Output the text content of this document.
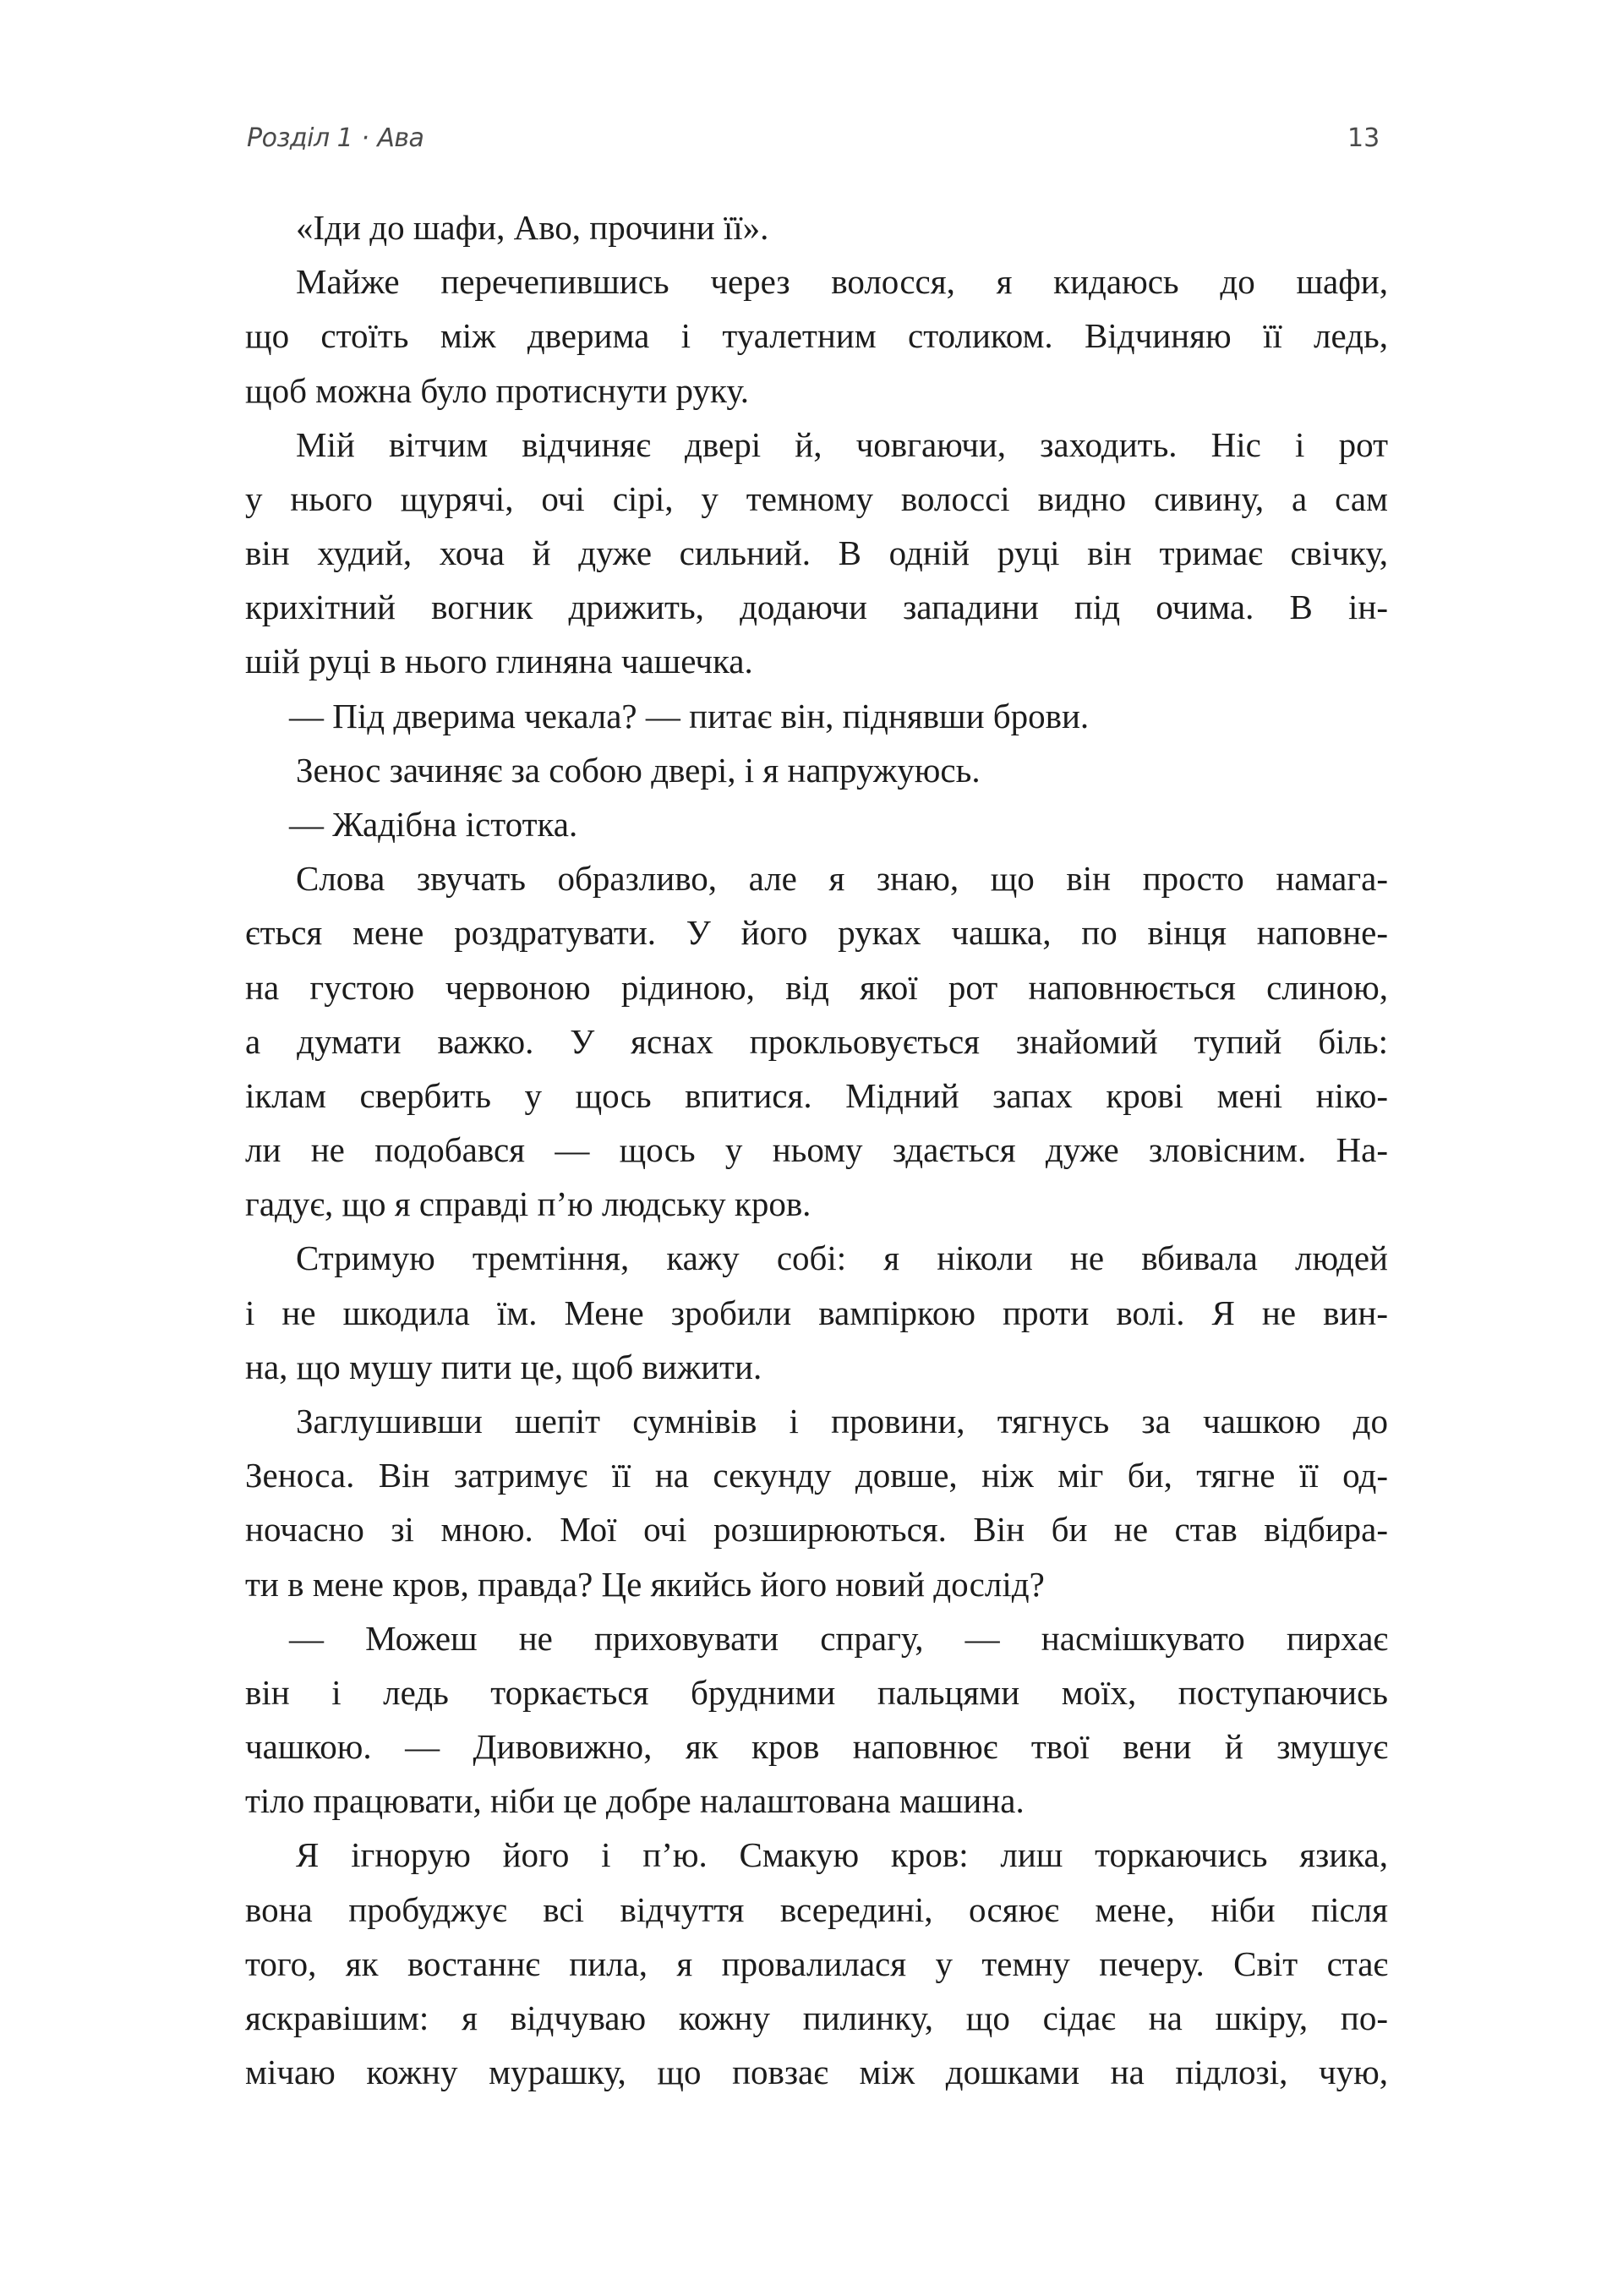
Розділ 1 · Ава	13
«Іди до шафи, Аво, прочини її».
Майже перечепившись через волосся, я кидаюсь до шафи,
що стоїть між дверима і туалетним столиком. Відчиняю її ледь,
щоб можна було протиснути руку.
Мій вітчим відчиняє двері й, човгаючи, заходить. Ніс і рот
у нього щурячі, очі сірі, у темному волоссі видно сивину, а сам
він худий, хоча й дуже сильний. В одній руці він тримає свічку,
крихітний вогник дрижить, додаючи западини під очима. В ін-
шій руці в нього глиняна чашечка.
— Під дверима чекала? — питає він, піднявши брови.
Зенос зачиняє за собою двері, і я напружуюсь.
— Жадібна істотка.
Слова звучать образливо, але я знаю, що він просто намага-
ється мене роздратувати. У його руках чашка, по вінця наповне-
на густою червоною рідиною, від якої рот наповнюється слиною,
а думати важко. У яснах прокльовується знайомий тупий біль:
іклам свербить у щось впитися. Мідний запах крові мені ніко-
ли не подобався — щось у ньому здається дуже зловісним. На-
гадує, що я справді п’ю людську кров.
Стримую тремтіння, кажу собі: я ніколи не вбивала людей
і не шкодила їм. Мене зробили вампіркою проти волі. Я не вин-
на, що мушу пити це, щоб вижити.
Заглушивши шепіт сумнівів і провини, тягнусь за чашкою до
Зеноса. Він затримує її на секунду довше, ніж міг би, тягне її од-
ночасно зі мною. Мої очі розширюються. Він би не став відбира-
ти в мене кров, правда? Це якийсь його новий дослід?
— Можеш не приховувати спрагу, — насмішкувато пирхає
він і ледь торкається брудними пальцями моїх, поступаючись
чашкою. — Дивовижно, як кров наповнює твої вени й змушує
тіло працювати, ніби це добре налаштована машина.
Я ігнорую його і п’ю. Смакую кров: лиш торкаючись язика,
вона пробуджує всі відчуття всередині, осяює мене, ніби після
того, як востаннє пила, я провалилася у темну печеру. Світ стає
яскравішим: я відчуваю кожну пилинку, що сідає на шкіру, по-
мічаю кожну мурашку, що повзає між дошками на підлозі, чую,
